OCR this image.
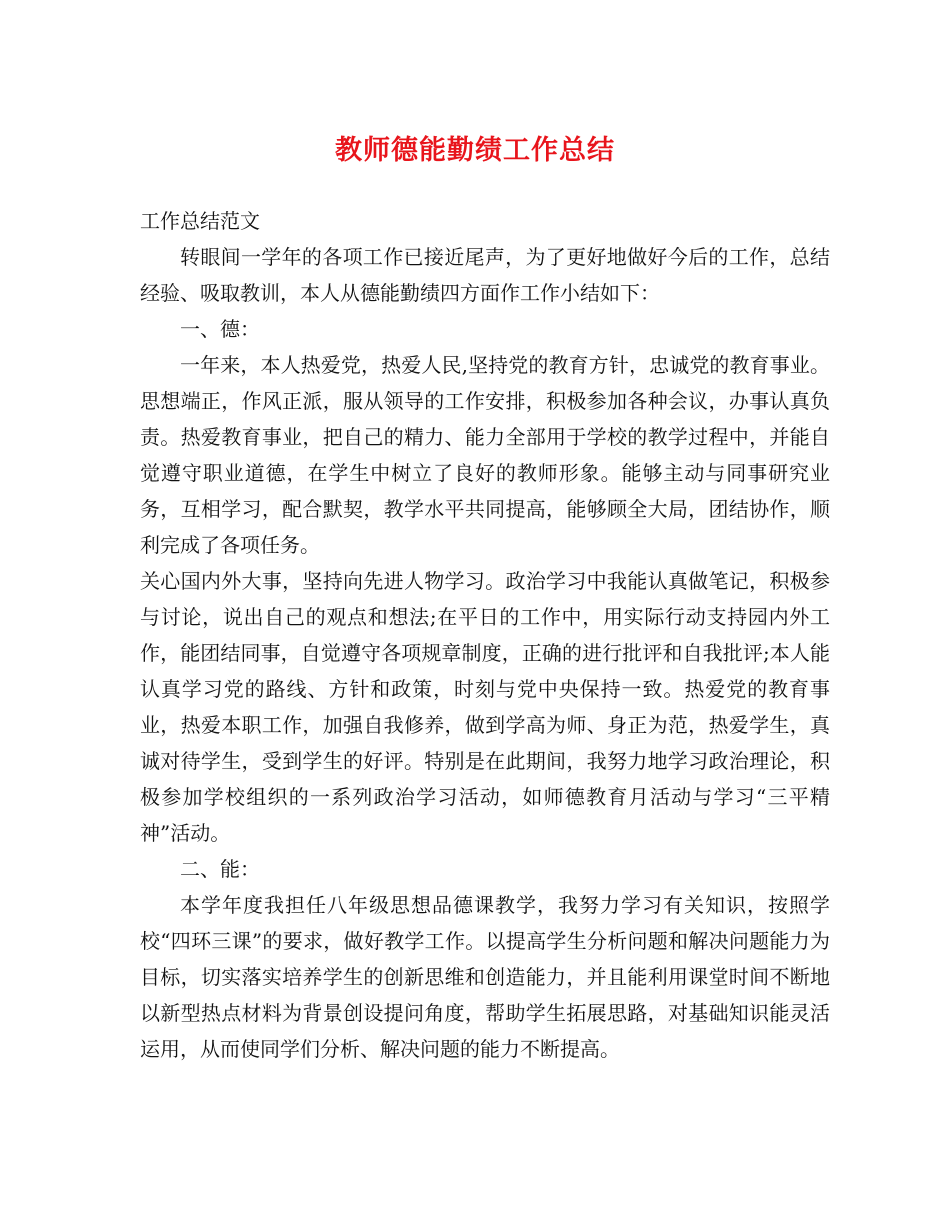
教师德能勤绩工作总结

工作总结范文

转眼间一学年的各项工作已接近尾声，为了更好地做好今后的工作，总结经验、吸取教训，本人从德能勤绩四方面作工作小结如下：

一、德：

一年来，本人热爱党，热爱人民,坚持党的教育方针，忠诚党的教育事业。思想端正，作风正派，服从领导的工作安排，积极参加各种会议，办事认真负责。热爱教育事业，把自己的精力、能力全部用于学校的教学过程中，并能自觉遵守职业道德，在学生中树立了良好的教师形象。能够主动与同事研究业务，互相学习，配合默契，教学水平共同提高，能够顾全大局，团结协作，顺利完成了各项任务。

关心国内外大事，坚持向先进人物学习。政治学习中我能认真做笔记，积极参与讨论，说出自己的观点和想法;在平日的工作中，用实际行动支持园内外工作，能团结同事，自觉遵守各项规章制度，正确的进行批评和自我批评;本人能认真学习党的路线、方针和政策，时刻与党中央保持一致。热爱党的教育事业，热爱本职工作，加强自我修养，做到学高为师、身正为范，热爱学生，真诚对待学生，受到学生的好评。特别是在此期间，我努力地学习政治理论，积极参加学校组织的一系列政治学习活动，如师德教育月活动与学习“三平精神”活动。

二、能：

本学年度我担任八年级思想品德课教学，我努力学习有关知识，按照学校“四环三课”的要求，做好教学工作。以提高学生分析问题和解决问题能力为目标，切实落实培养学生的创新思维和创造能力，并且能利用课堂时间不断地以新型热点材料为背景创设提问角度，帮助学生拓展思路，对基础知识能灵活运用，从而使同学们分析、解决问题的能力不断提高。
